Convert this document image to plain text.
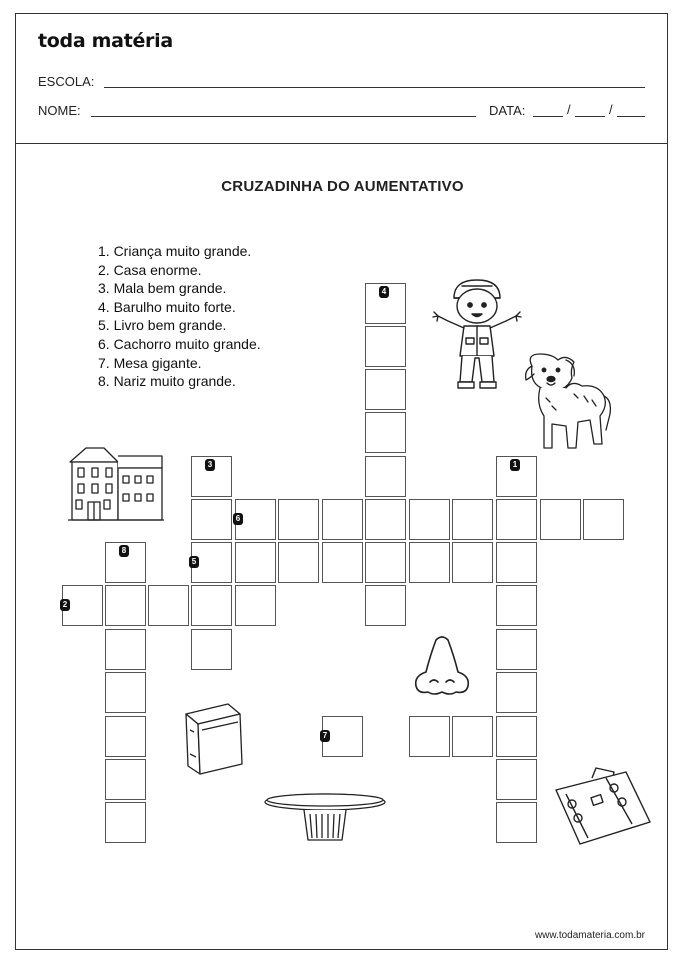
toda matéria
ESCOLA:
NOME:	DATA:	/	/
CRUZADINHA DO AUMENTATIVO
1. Criança muito grande.
2. Casa enorme.
3. Mala bem grande.
4. Barulho muito forte.
5. Livro bem grande.
6. Cachorro muito grande.
7. Mesa gigante.
8. Nariz muito grande.
1
2
3
4
5
6
7
8
www.todamateria.com.br
